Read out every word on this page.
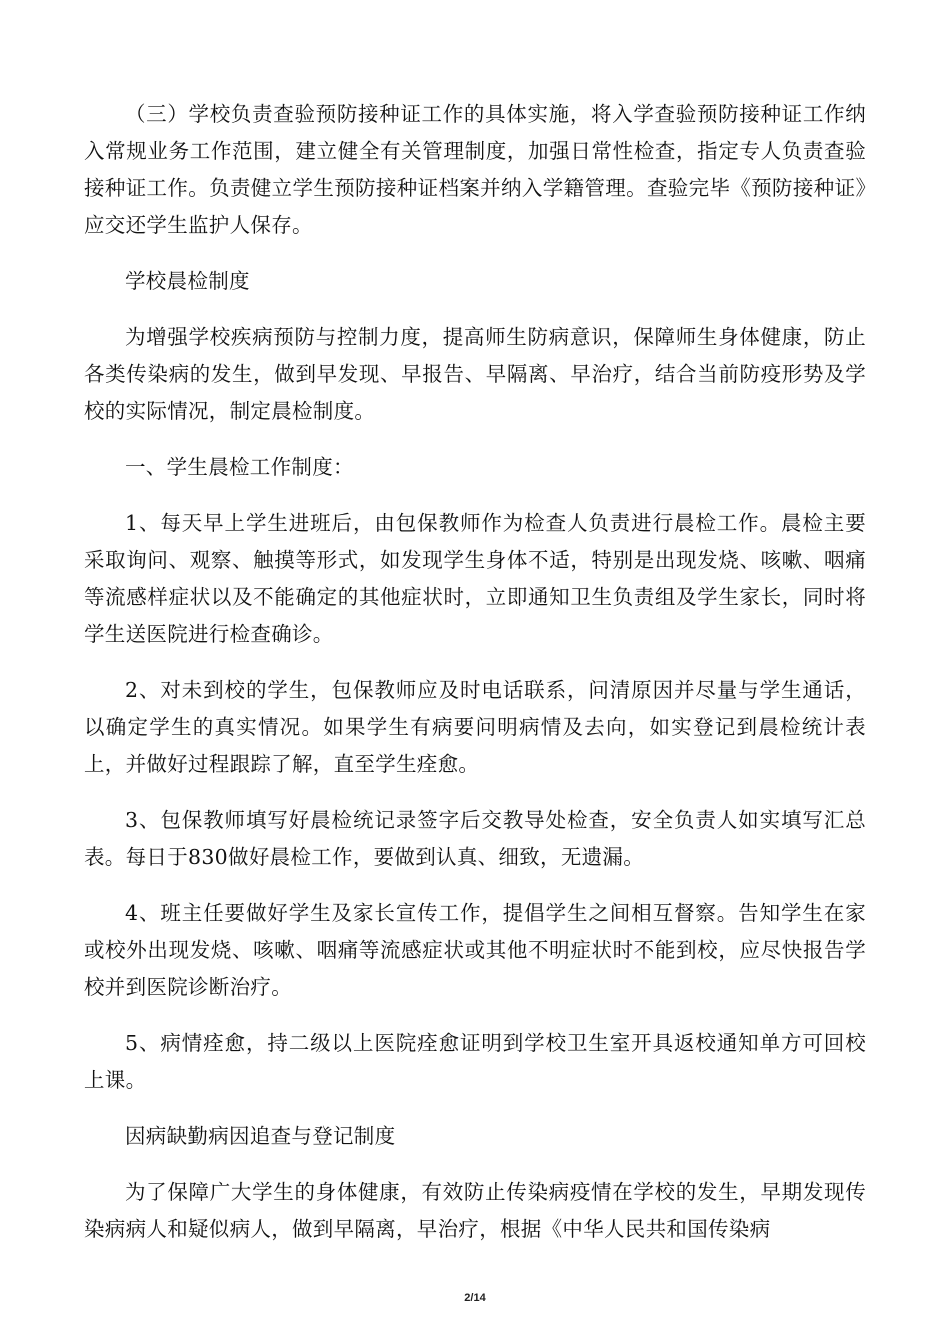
（三）学校负责查验预防接种证工作的具体实施，将入学查验预防接种证工作纳入常规业务工作范围，建立健全有关管理制度，加强日常性检查，指定专人负责查验接种证工作。负责健立学生预防接种证档案并纳入学籍管理。查验完毕《预防接种证》应交还学生监护人保存。

学校晨检制度

为增强学校疾病预防与控制力度，提高师生防病意识，保障师生身体健康，防止各类传染病的发生，做到早发现、早报告、早隔离、早治疗，结合当前防疫形势及学校的实际情况，制定晨检制度。

一、学生晨检工作制度：

1、每天早上学生进班后，由包保教师作为检查人负责进行晨检工作。晨检主要采取询问、观察、触摸等形式，如发现学生身体不适，特别是出现发烧、咳嗽、咽痛等流感样症状以及不能确定的其他症状时，立即通知卫生负责组及学生家长，同时将学生送医院进行检查确诊。

2、对未到校的学生，包保教师应及时电话联系，问清原因并尽量与学生通话，以确定学生的真实情况。如果学生有病要问明病情及去向，如实登记到晨检统计表上，并做好过程跟踪了解，直至学生痊愈。

3、包保教师填写好晨检统记录签字后交教导处检查，安全负责人如实填写汇总表。每日于830做好晨检工作，要做到认真、细致，无遗漏。

4、班主任要做好学生及家长宣传工作，提倡学生之间相互督察。告知学生在家或校外出现发烧、咳嗽、咽痛等流感症状或其他不明症状时不能到校，应尽快报告学校并到医院诊断治疗。

5、病情痊愈，持二级以上医院痊愈证明到学校卫生室开具返校通知单方可回校上课。

因病缺勤病因追查与登记制度

为了保障广大学生的身体健康，有效防止传染病疫情在学校的发生，早期发现传染病病人和疑似病人，做到早隔离，早治疗，根据《中华人民共和国传染病

2/14
